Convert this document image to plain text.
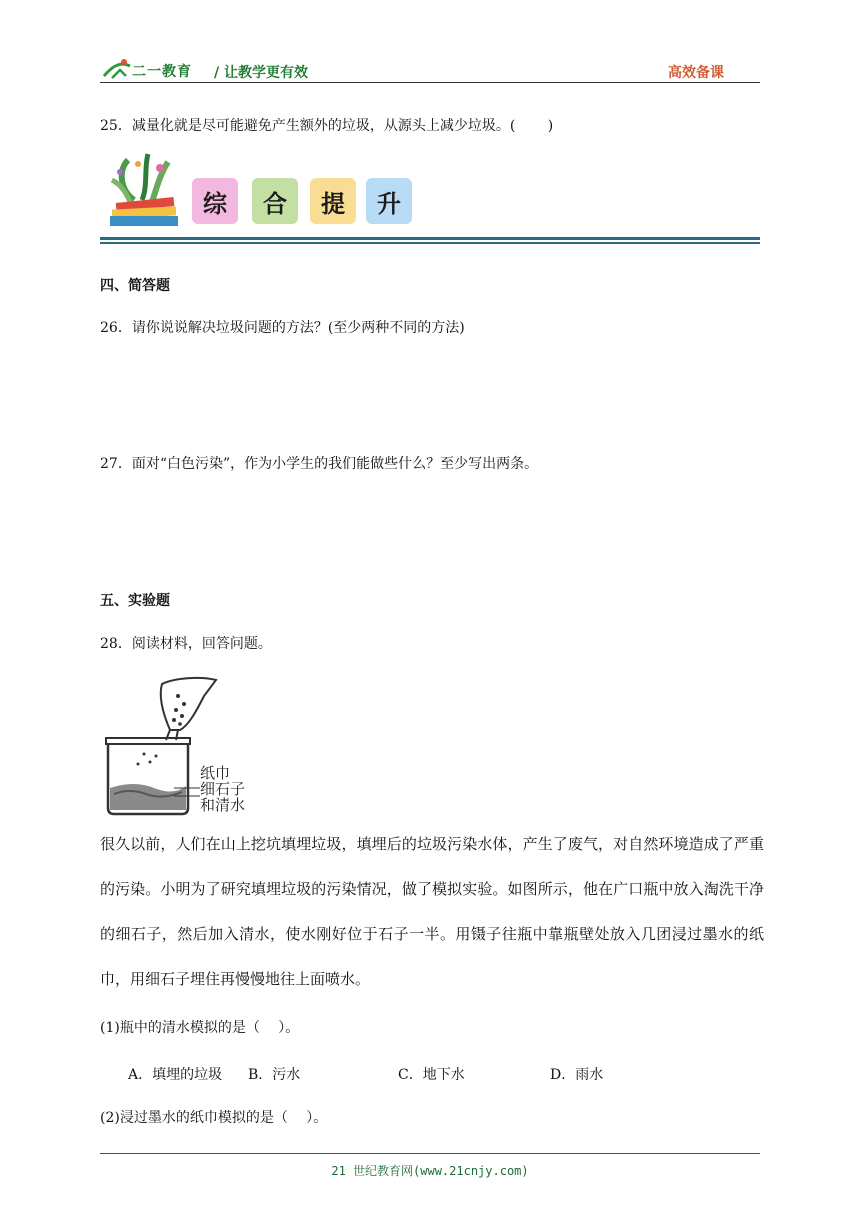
二一教育 / 让教学更有效	高效备课
25．减量化就是尽可能避免产生额外的垃圾，从源头上减少垃圾。(　　 )
综	合	提	升
四、简答题
26．请你说说解决垃圾问题的方法？(至少两种不同的方法)
27．面对“白色污染”，作为小学生的我们能做些什么？至少写出两条。
五、实验题
28．阅读材料，回答问题。
纸巾
细石子
和清水
很久以前，人们在山上挖坑填埋垃圾，填埋后的垃圾污染水体，产生了废气，对自然环境造成了严重的污染。小明为了研究填埋垃圾的污染情况，做了模拟实验。如图所示，他在广口瓶中放入淘洗干净的细石子，然后加入清水，使水刚好位于石子一半。用镊子往瓶中靠瓶壁处放入几团浸过墨水的纸巾，用细石子埋住再慢慢地往上面喷水。
(1)瓶中的清水模拟的是（　 ）。
A．填埋的垃圾 B．污水	C．地下水	D．雨水
(2)浸过墨水的纸巾模拟的是（　 ）。
21 世纪教育网(www.21cnjy.com)
